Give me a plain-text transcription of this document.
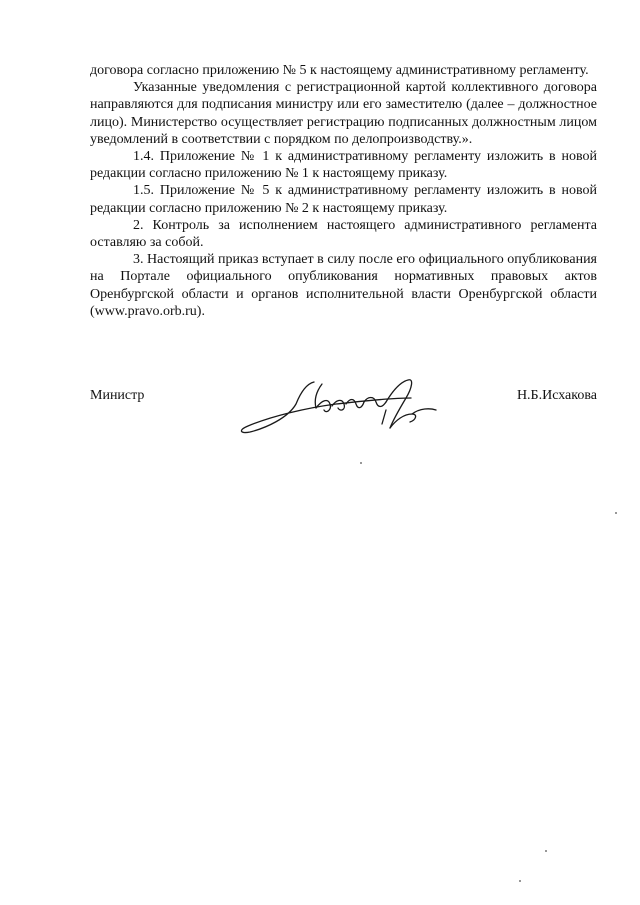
договора согласно приложению № 5 к настоящему административному регламенту.

Указанные уведомления с регистрационной картой коллективного договора направляются для подписания министру или его заместителю (далее – должностное лицо). Министерство осуществляет регистрацию подписанных должностным лицом уведомлений в соответствии с порядком по делопроизводству.».

1.4. Приложение № 1 к административному регламенту изложить в новой редакции согласно приложению № 1 к настоящему приказу.

1.5. Приложение № 5 к административному регламенту изложить в новой редакции согласно приложению № 2 к настоящему приказу.

2. Контроль за исполнением настоящего административного регламента оставляю за собой.

3. Настоящий приказ вступает в силу после его официального опубликования на Портале официального опубликования нормативных правовых актов Оренбургской области и органов исполнительной власти Оренбургской области (www.pravo.orb.ru).

Министр	Н.Б.Исхакова
